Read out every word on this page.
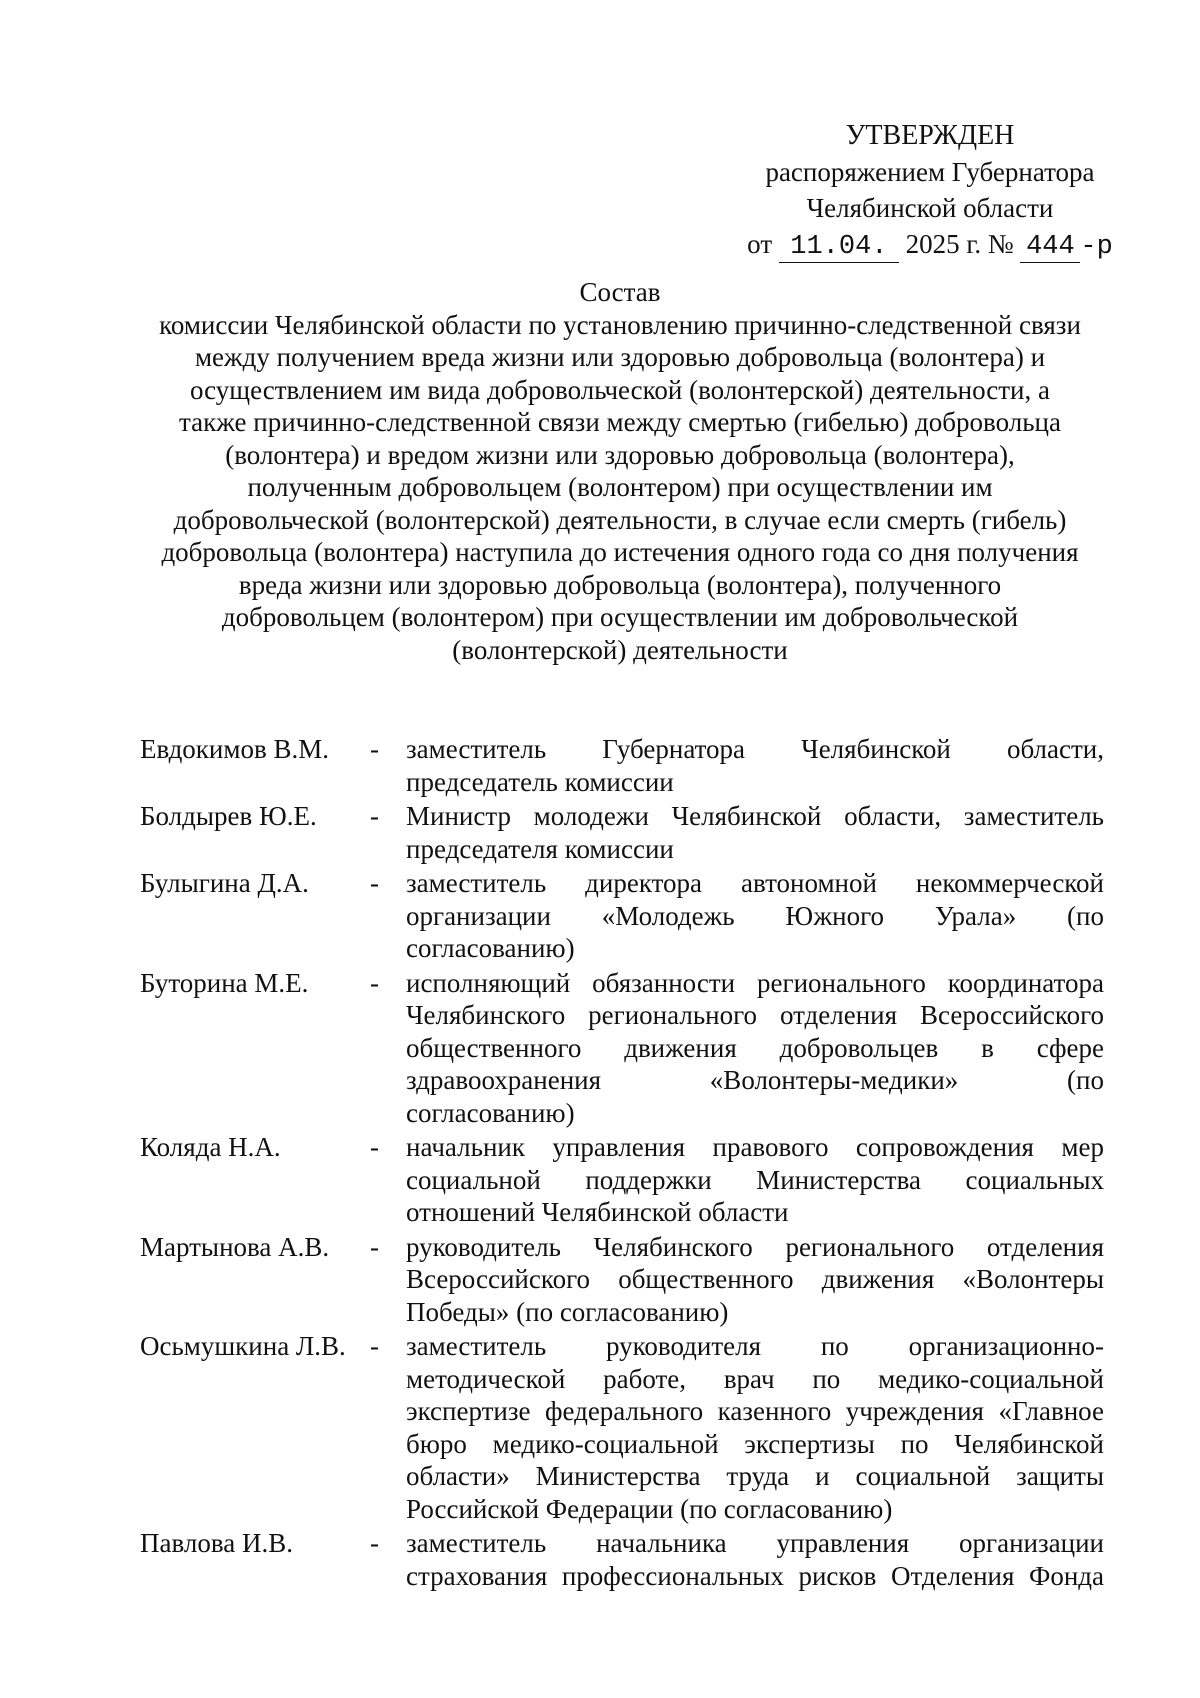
УТВЕРЖДЕН
распоряжением Губернатора
Челябинской области
от 11.04. 2025 г. № 444 -р
Состав
комиссии Челябинской области по установлению причинно-следственной связи
между получением вреда жизни или здоровью добровольца (волонтера) и
осуществлением им вида добровольческой (волонтерской) деятельности, а
также причинно-следственной связи между смертью (гибелью) добровольца
(волонтера) и вредом жизни или здоровью добровольца (волонтера),
полученным добровольцем (волонтером) при осуществлении им
добровольческой (волонтерской) деятельности, в случае если смерть (гибель)
добровольца (волонтера) наступила до истечения одного года со дня получения
вреда жизни или здоровью добровольца (волонтера), полученного
добровольцем (волонтером) при осуществлении им добровольческой
(волонтерской) деятельности
Евдокимов В.М.	-	заместитель Губернатора Челябинской области,
председатель комиссии
Болдырев Ю.Е.	-	Министр молодежи Челябинской области, заместитель
председателя комиссии
Булыгина Д.А.	-	заместитель директора автономной некоммерческой
организации «Молодежь Южного Урала» (по
согласованию)
Буторина М.Е.	-	исполняющий обязанности регионального координатора
Челябинского регионального отделения Всероссийского
общественного движения добровольцев в сфере
здравоохранения «Волонтеры-медики» (по
согласованию)
Коляда Н.А.	-	начальник управления правового сопровождения мер
социальной поддержки Министерства социальных
отношений Челябинской области
Мартынова А.В.	-	руководитель Челябинского регионального отделения
Всероссийского общественного движения «Волонтеры
Победы» (по согласованию)
Осьмушкина Л.В. -	заместитель руководителя по организационно-
методической работе, врач по медико-социальной
экспертизе федерального казенного учреждения «Главное
бюро медико-социальной экспертизы по Челябинской
области» Министерства труда и социальной защиты
Российской Федерации (по согласованию)
Павлова И.В.	-	заместитель начальника управления организации
страхования профессиональных рисков Отделения Фонда
